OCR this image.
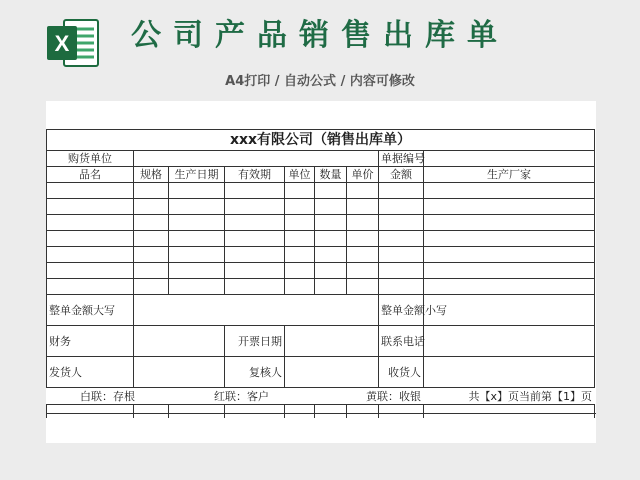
X	公司产品销售出库单
A4打印 / 自动公式 / 内容可修改
xxx有限公司（销售出库单）								
购货单位							单据编号	
品名	规格	生产日期	有效期	单位	数量	单价	金额	生产厂家

整单金额大写							整单金额小写	
财务			开票日期				联系电话	
发货人			复核人				收货人	
白联：存根		红联：客户			黄联：收银			共【x】页当前第【1】页
